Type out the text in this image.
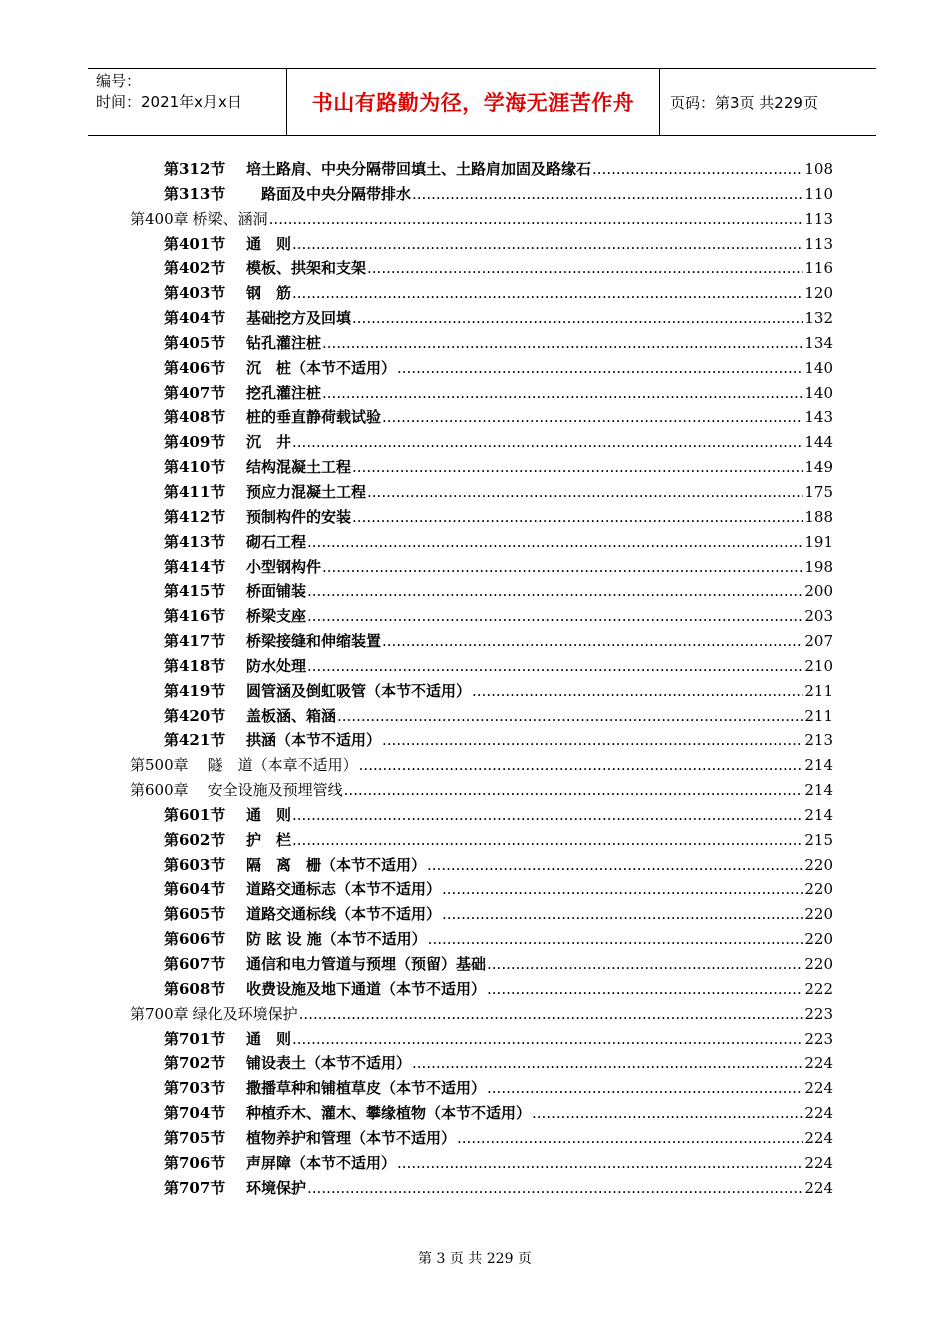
编号：
时间：2021年x月x日	书山有路勤为径，学海无涯苦作舟 页码：第3页 共229页
第312节	培土路肩、中央分隔带回填土、土路肩加固及路缘石 .....	108
第313节	　路面及中央分隔带排水 .....	110
第400章 桥梁、涵洞 .....	113
第401节	通　则 .....	113
第402节	模板、拱架和支架 .....	116
第403节	钢　筋 .....	120
第404节	基础挖方及回填 .....	132
第405节	钻孔灌注桩 .....	134
第406节	沉　桩（本节不适用） .....	140
第407节	挖孔灌注桩 .....	140
第408节	桩的垂直静荷载试验 .....	143
第409节	沉　井 .....	144
第410节	结构混凝土工程 .....	149
第411节	预应力混凝土工程 .....	175
第412节	预制构件的安装 .....	188
第413节	砌石工程 .....	191
第414节	小型钢构件 .....	198
第415节	桥面铺装 .....	200
第416节	桥梁支座 .....	203
第417节	桥梁接缝和伸缩装置 .....	207
第418节	防水处理 .....	210
第419节	圆管涵及倒虹吸管（本节不适用） .....	211
第420节	盖板涵、箱涵 .....	211
第421节	拱涵（本节不适用） .....	213
第500章 　隧　道（本章不适用） .....	214
第600章 　安全设施及预埋管线 .....	214
第601节	通　则 .....	214
第602节	护　栏 .....	215
第603节	隔　离　栅（本节不适用） .....	220
第604节	道路交通标志（本节不适用） .....	220
第605节	道路交通标线（本节不适用） .....	220
第606节	防 眩 设 施（本节不适用） .....	220
第607节	通信和电力管道与预埋（预留）基础 .....	220
第608节	收费设施及地下通道（本节不适用） .....	222
第700章 绿化及环境保护 .....	223
第701节	通　则 .....	223
第702节	铺设表土（本节不适用） .....	224
第703节	撒播草种和铺植草皮（本节不适用） .....	224
第704节	种植乔木、灌木、攀缘植物（本节不适用） .....	224
第705节	植物养护和管理（本节不适用） .....	224
第706节	声屏障（本节不适用） .....	224
第707节	环境保护 .....	224
第 3 页 共 229 页
